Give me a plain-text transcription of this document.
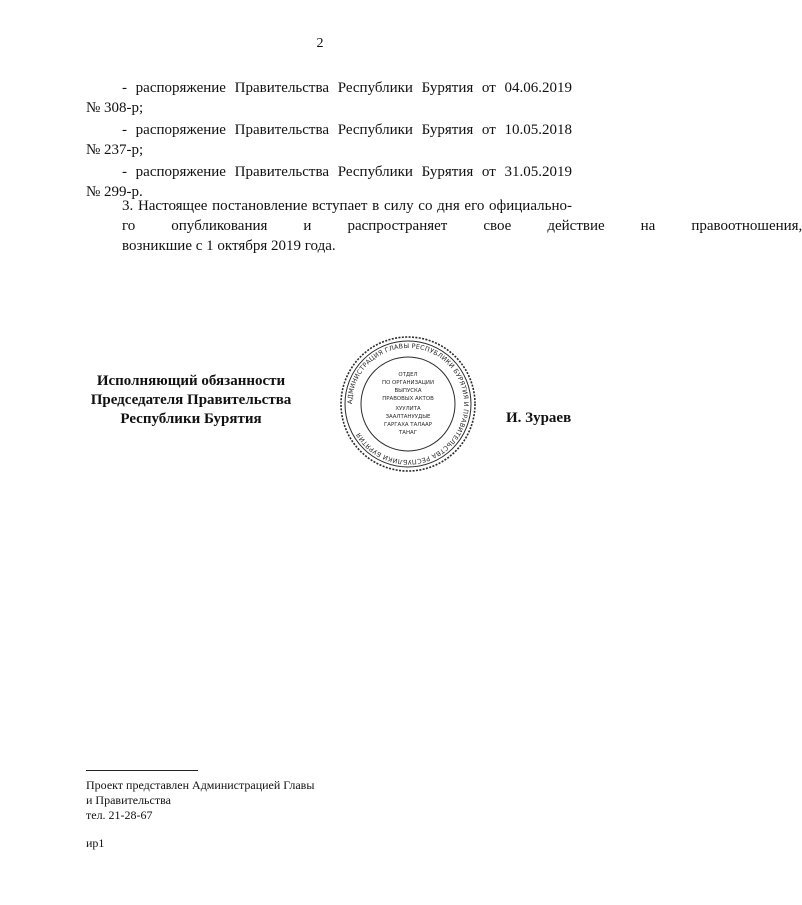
2
- распоряжение Правительства Республики Бурятия от 04.06.2019
№ 308-р;
- распоряжение Правительства Республики Бурятия от 10.05.2018
№ 237-р;
- распоряжение Правительства Республики Бурятия от 31.05.2019
№ 299-р.
3. Настоящее постановление вступает в силу со дня его официально-
го	опубликования	и	распространяет	свое	действие	на	правоотношения,
возникшие с 1 октября 2019 года.
Исполняющий обязанности
Председателя Правительства
Республики Бурятия
АДМИНИСТРАЦИЯ ГЛАВЫ РЕСПУБЛИКИ БУРЯТИЯ И ПРАВИТЕЛЬСТВА РЕСПУБЛИКИ БУРЯТИЯ
ОТДЕЛ
ПО ОРГАНИЗАЦИИ
ВЫПУСКА
ПРАВОВЫХ АКТОВ
ХУУЛИТА
ЗААЛТАНУУДЫЕ
ГАРГАХА ТАЛААР
ТАНАГ
И. Зураев
Проект представлен Администрацией Главы
и Правительства
тел. 21-28-67
ир1
